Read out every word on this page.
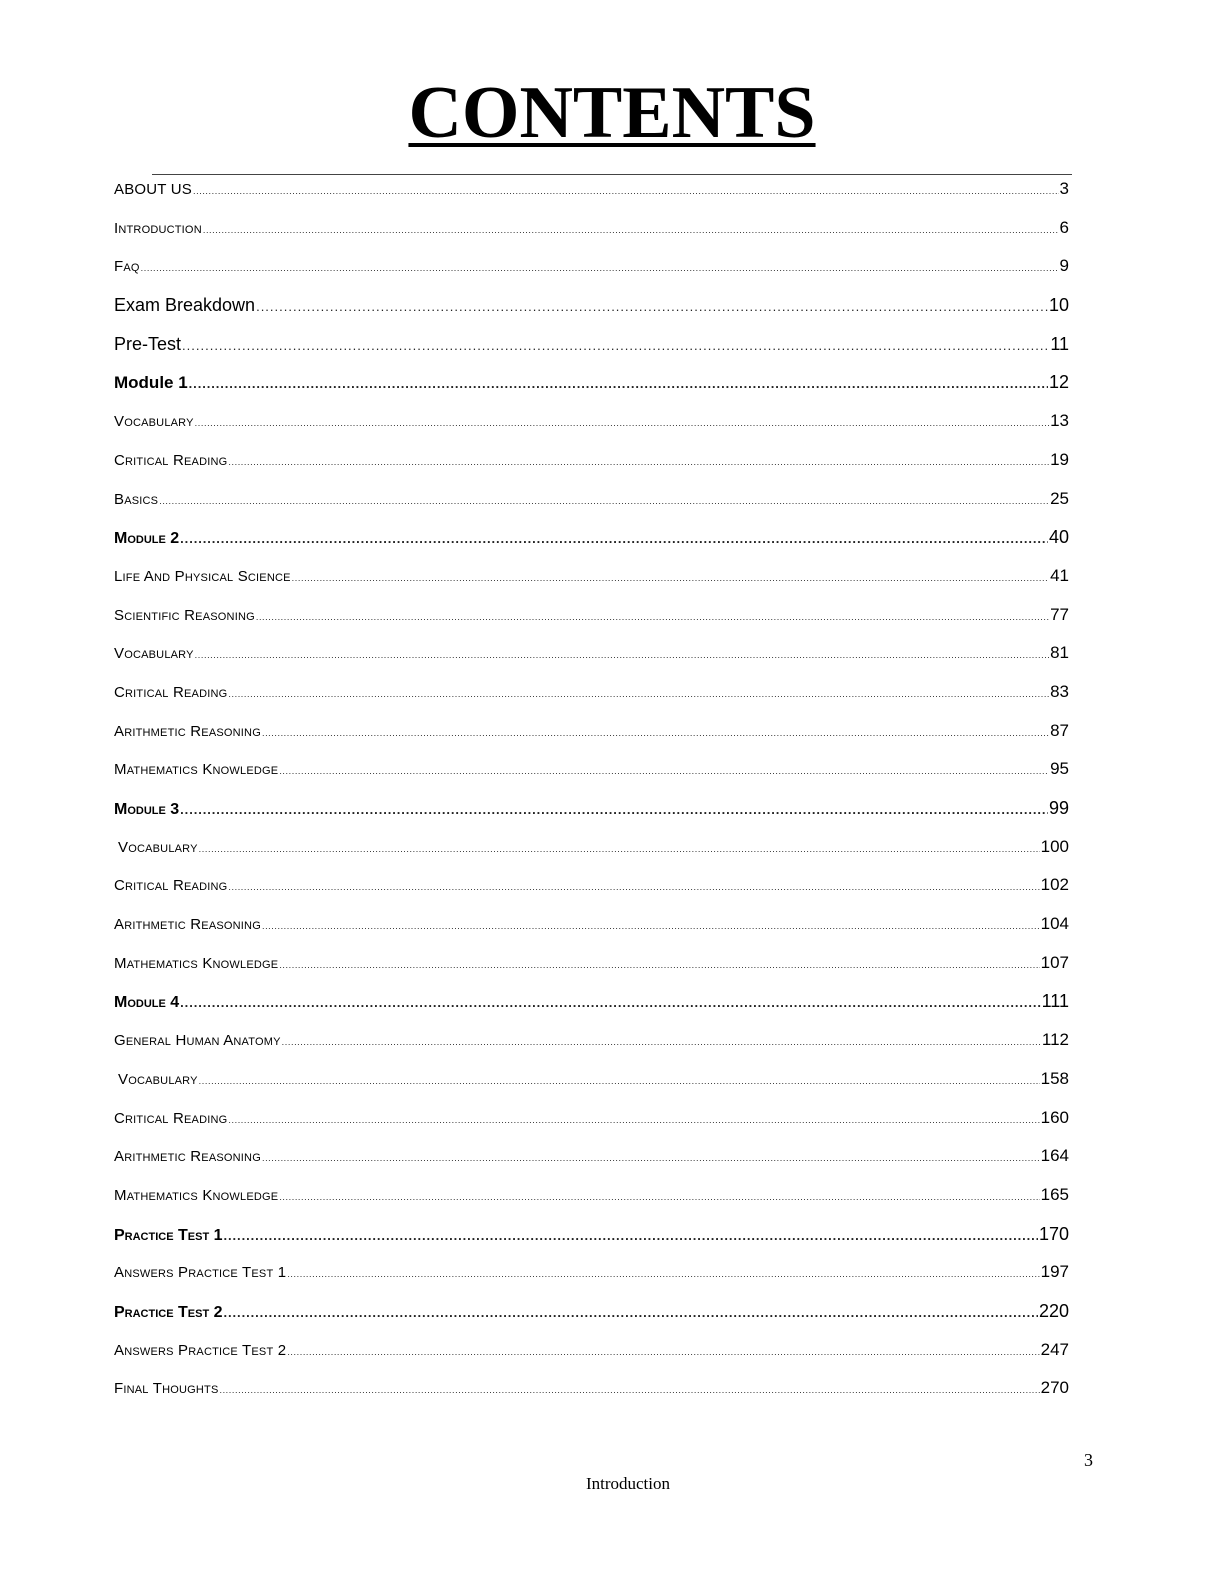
CONTENTS
ABOUT US .....	3
Introduction .....	6
Faq .....	9
Exam Breakdown .....	10
Pre-Test .....	11
Module 1 .....	12
Vocabulary .....	13
Critical Reading .....	19
Basics .....	25
Module 2 .....	40
Life And Physical Science .....	41
Scientific Reasoning .....	77
Vocabulary .....	81
Critical Reading .....	83
Arithmetic Reasoning .....	87
Mathematics Knowledge .....	95
Module 3 .....	99
Vocabulary .....	100
Critical Reading .....	102
Arithmetic Reasoning .....	104
Mathematics Knowledge .....	107
Module 4 .....	111
General Human Anatomy .....	112
Vocabulary .....	158
Critical Reading .....	160
Arithmetic Reasoning .....	164
Mathematics Knowledge .....	165
Practice Test 1 .....	170
Answers Practice Test 1 .....	197
Practice Test 2 .....	220
Answers Practice Test 2 .....	247
Final Thoughts .....	270
3
Introduction
